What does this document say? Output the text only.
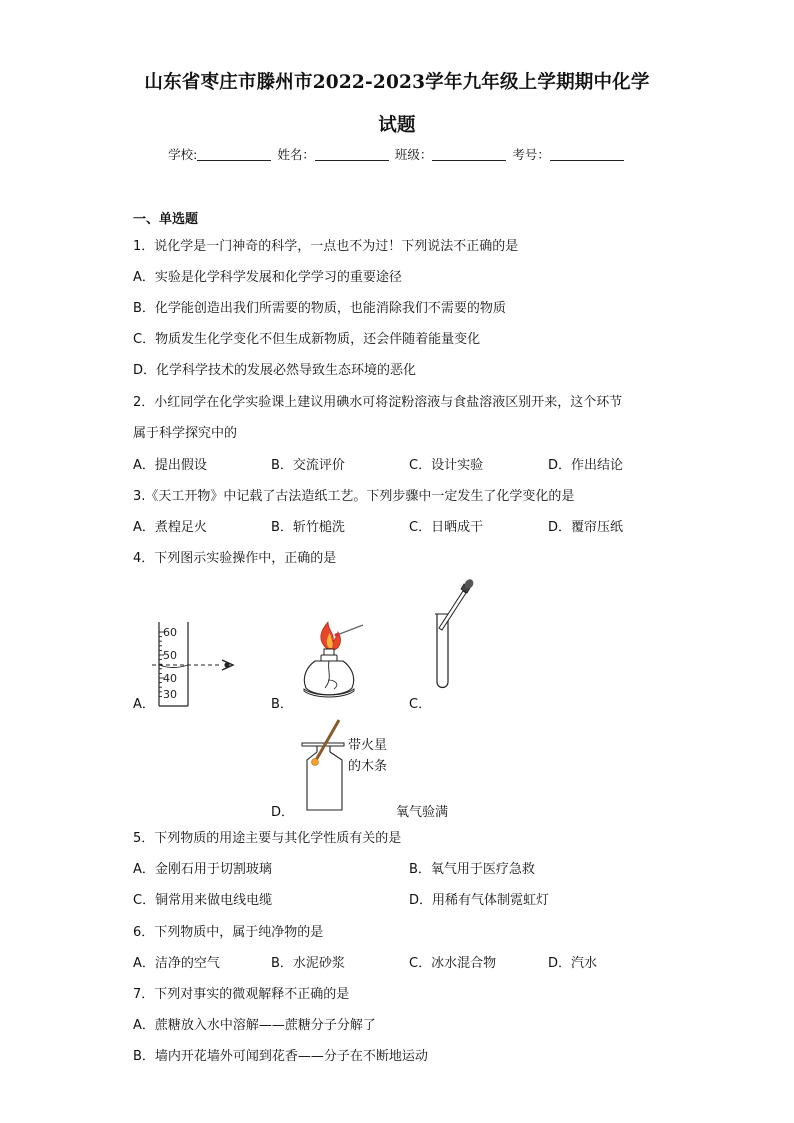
山东省枣庄市滕州市2022-2023学年九年级上学期期中化学
试题
学校:	姓名：	班级：	考号：
一、单选题
1．说化学是一门神奇的科学，一点也不为过！下列说法不正确的是
A．实验是化学科学发展和化学学习的重要途径
B．化学能创造出我们所需要的物质，也能消除我们不需要的物质
C．物质发生化学变化不但生成新物质，还会伴随着能量变化
D．化学科学技术的发展必然导致生态环境的恶化
2．小红同学在化学实验课上建议用碘水可将淀粉溶液与食盐溶液区别开来，这个环节
属于科学探究中的
A．提出假设	B．交流评价	C．设计实验	D．作出结论
3.《天工开物》中记载了古法造纸工艺。下列步骤中一定发生了化学变化的是
A．煮楻足火	B．斩竹槌洗	C．日晒成干	D．覆帘压纸
4．下列图示实验操作中，正确的是
A．	B．	C．
60
50
40
30
D．
带火星
的木条
氧气验满
5．下列物质的用途主要与其化学性质有关的是
A．金刚石用于切割玻璃	B．氧气用于医疗急救
C．铜常用来做电线电缆	D．用稀有气体制霓虹灯
6．下列物质中，属于纯净物的是
A．洁净的空气	B．水泥砂浆	C．冰水混合物	D．汽水
7．下列对事实的微观解释不正确的是
A．蔗糖放入水中溶解——蔗糖分子分解了
B．墙内开花墙外可闻到花香——分子在不断地运动
